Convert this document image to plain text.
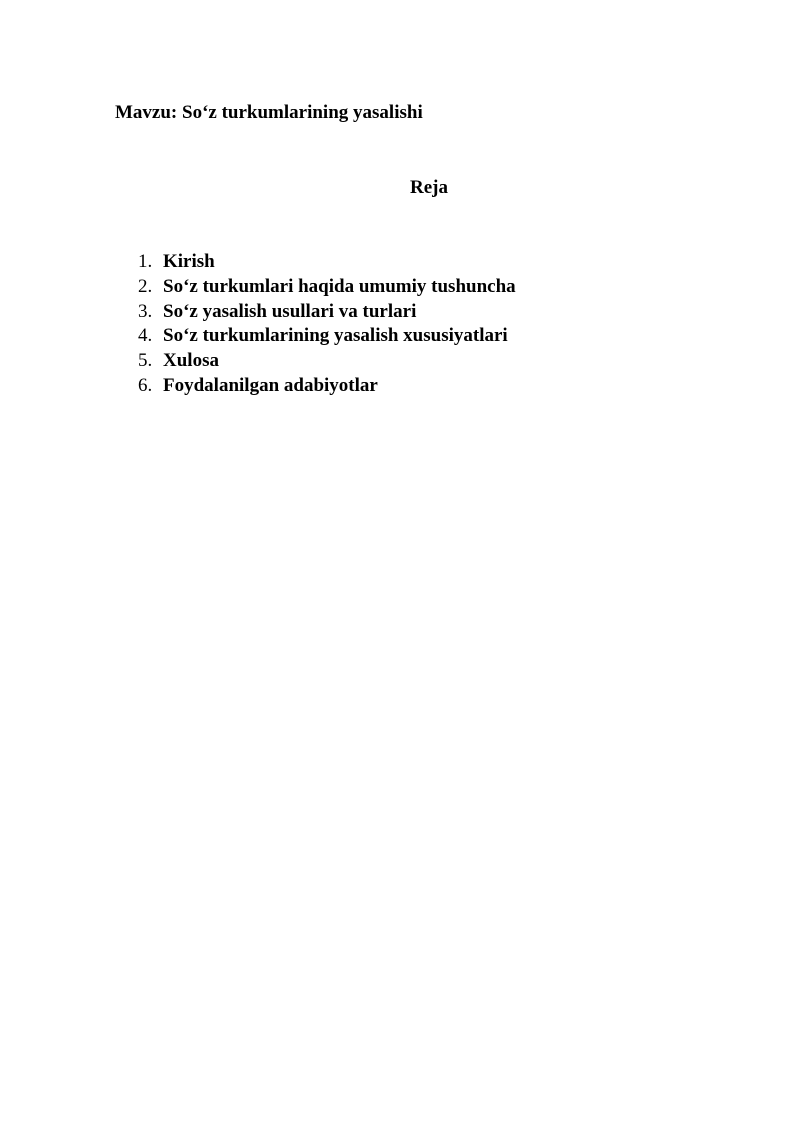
Mavzu: So‘z turkumlarining yasalishi
Reja
1. Kirish
2. So‘z turkumlari haqida umumiy tushuncha
3. So‘z yasalish usullari va turlari
4. So‘z turkumlarining yasalish xususiyatlari
5. Xulosa
6. Foydalanilgan adabiyotlar
